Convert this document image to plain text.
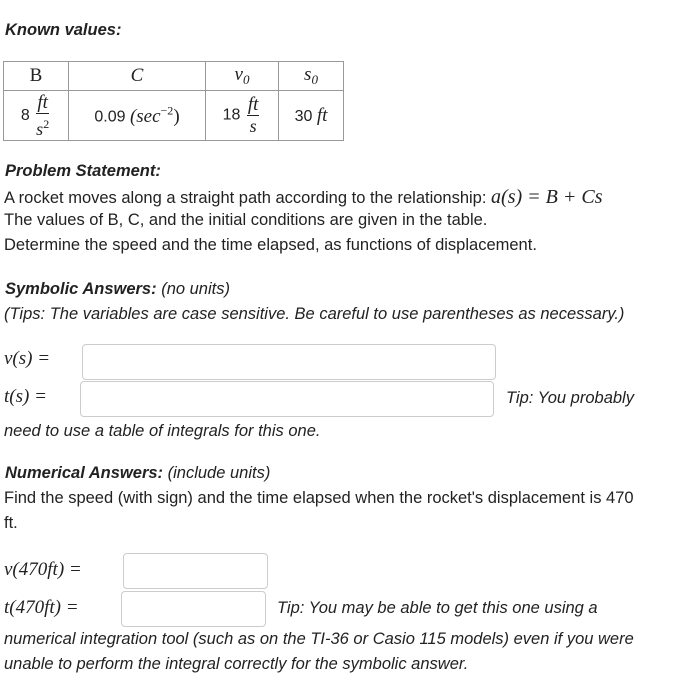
Known values:
B	C	$v_0$	$s_0$
$8 \frac{ft}{s^2}$	0.09 $(\sec^{-2})$	$18 \frac{ft}{s}$	30 ft
Problem Statement:
A rocket moves along a straight path according to the relationship: a(s) = B + Cs
The values of B, C, and the initial conditions are given in the table.
Determine the speed and the time elapsed, as functions of displacement.
Symbolic Answers: (no units)
(Tips: The variables are case sensitive. Be careful to use parentheses as necessary.)
v(s) =
t(s) =	Tip: You probably
need to use a table of integrals for this one.
Numerical Answers: (include units)
Find the speed (with sign) and the time elapsed when the rocket's displacement is 470
ft.
v(470ft) =
t(470ft) =	Tip: You may be able to get this one using a
numerical integration tool (such as on the TI-36 or Casio 115 models) even if you were
unable to perform the integral correctly for the symbolic answer.
